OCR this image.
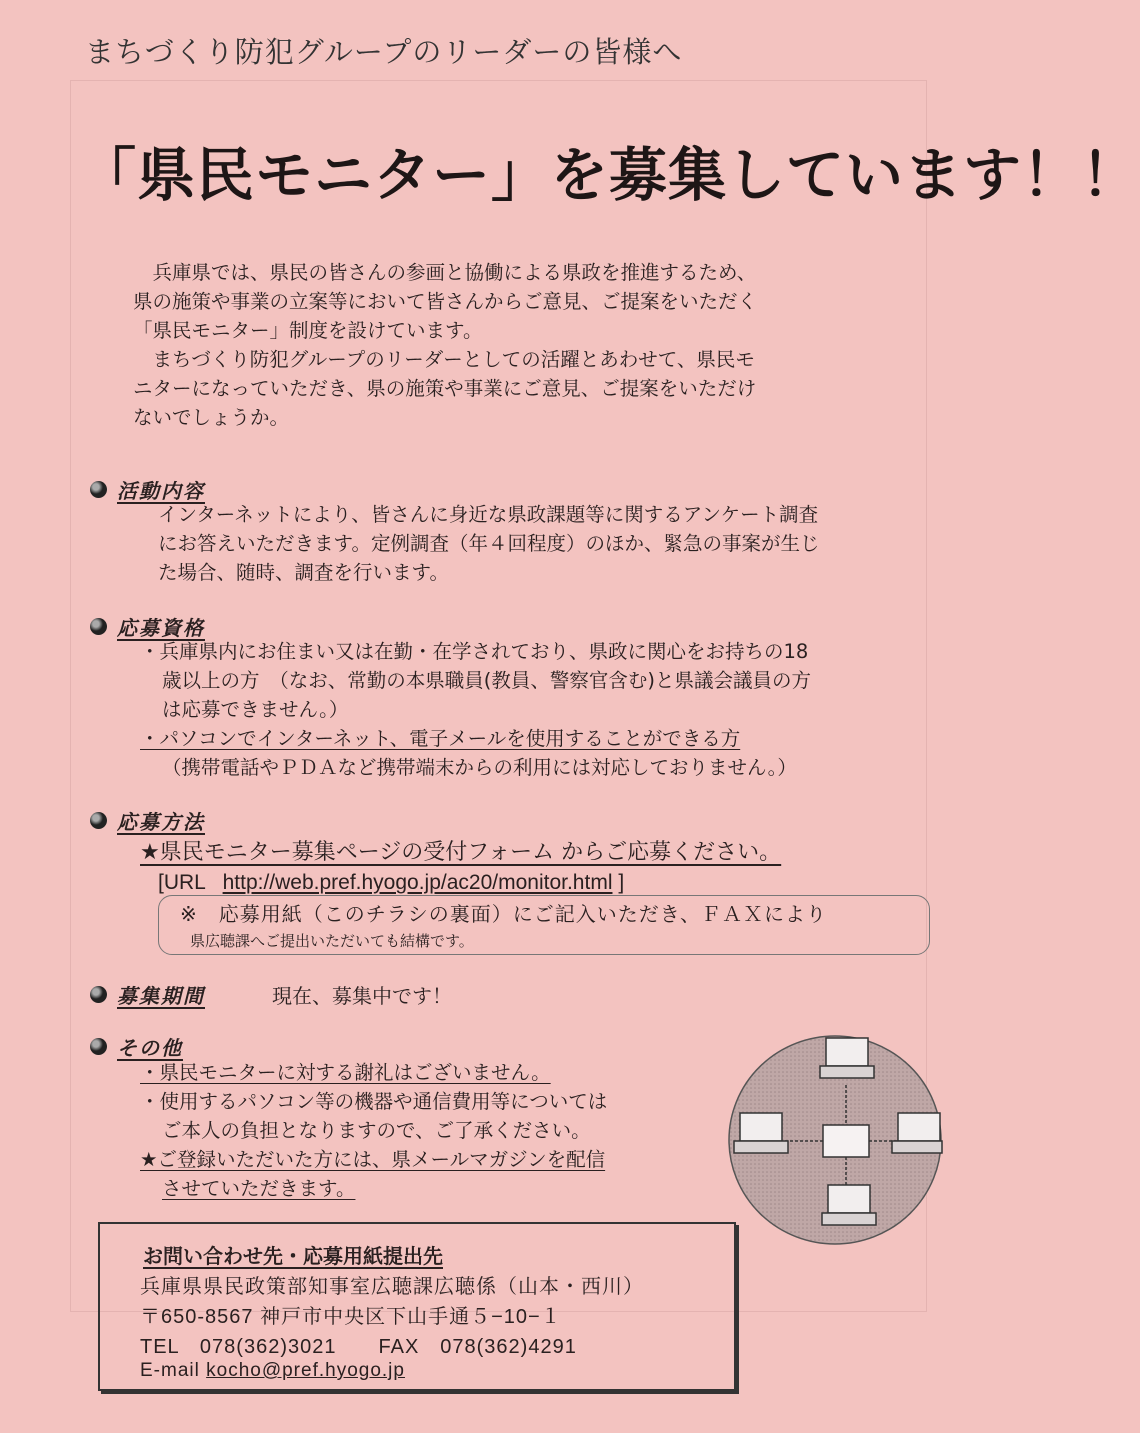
まちづくり防犯グループのリーダーの皆様へ
「県民モニター」を募集しています！！

兵庫県では、県民の皆さんの参画と協働による県政を推進するため、

県の施策や事業の立案等において皆さんからご意見、ご提案をいただく

「県民モニター」制度を設けています。

まちづくり防犯グループのリーダーとしての活躍とあわせて、県民モ

ニターになっていただき、県の施策や事業にご意見、ご提案をいただけ

ないでしょうか。

活動内容

インターネットにより、皆さんに身近な県政課題等に関するアンケート調査

にお答えいただきます。定例調査（年４回程度）のほか、緊急の事案が生じ

た場合、随時、調査を行います。

応募資格

・兵庫県内にお住まい又は在勤・在学されており、県政に関心をお持ちの18

歳以上の方　（なお、常勤の本県職員(教員、警察官含む)と県議会議員の方

は応募できません。）

・パソコンでインターネット、電子メールを使用することができる方

（携帯電話やＰＤＡなど携帯端末からの利用には対応しておりません。）

応募方法
★県民モニター募集ページの受付フォーム からご応募ください。
[URL http://web.pref.hyogo.jp/ac20/monitor.html ]
※　応募用紙（このチラシの裏面）にご記入いただき、ＦＡＸにより
県広聴課へご提出いただいても結構です。
募集期間	現在、募集中です！
その他

・県民モニターに対する謝礼はございません。

・使用するパソコン等の機器や通信費用等については

ご本人の負担となりますので、ご了承ください。

★ご登録いただいた方には、県メールマガジンを配信

させていただきます。

お問い合わせ先・応募用紙提出先
兵庫県県民政策部知事室広聴課広聴係（山本・西川）
〒650-8567 神戸市中央区下山手通５−10−１
TEL　078(362)3021　　FAX　078(362)4291
E-mail kocho@pref.hyogo.jp
